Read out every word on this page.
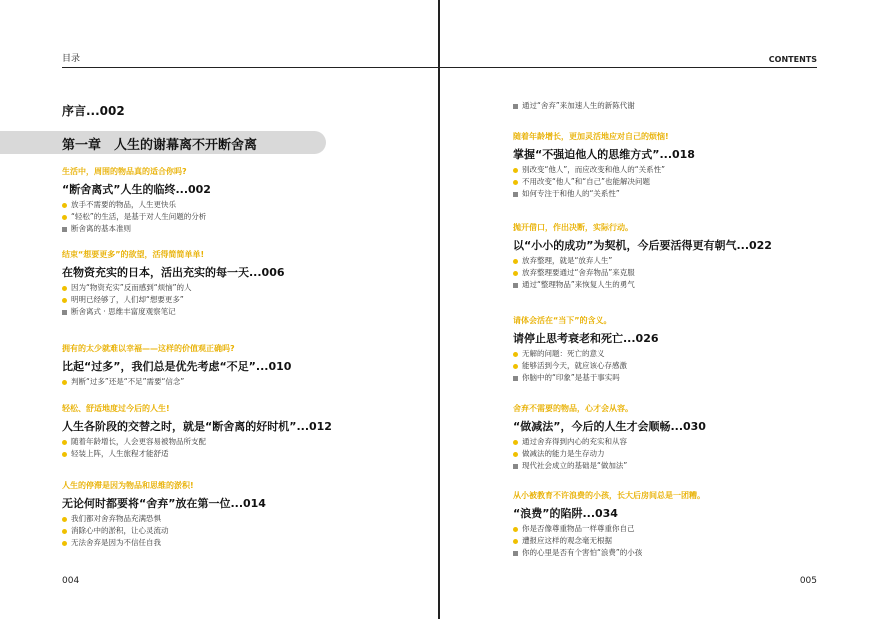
目录
序言...002
第一章　人生的谢幕离不开断舍离
生活中，周围的物品真的适合你吗?
“断舍离式”人生的临终...002
放手不需要的物品，人生更快乐
“轻松”的生活，是基于对人生问题的分析
断舍离的基本准则
结束“想要更多”的欲望，活得简简单单!
在物资充实的日本，活出充实的每一天...006
因为“物资充实”反而感到“烦恼”的人
明明已经够了，人们却“想要更多”
断舍离式 · 思维丰富度观察笔记
拥有的太少就难以幸福——这样的价值观正确吗?
比起“过多”，我们总是优先考虑“不足”...010
判断“过多”还是“不足”需要“信念”
轻松、舒适地度过今后的人生!
人生各阶段的交替之时，就是“断舍离的好时机”...012
随着年龄增长，人会更容易被物品所支配
轻装上阵，人生旅程才能舒适
人生的停滞是因为物品和思维的淤积!
无论何时都要将“舍弃”放在第一位...014
我们都对舍弃物品充满恐惧
消除心中的淤积，让心灵流动
无法舍弃是因为不信任自我
004
CONTENTS
通过“舍弃”来加速人生的新陈代谢
随着年龄增长，更加灵活地应对自己的烦恼!
掌握“不强迫他人的思维方式”...018
别改变“他人”，而应改变和他人的“关系性”
不用改变“他人”和“自己”也能解决问题
如何专注于和他人的“关系性”
抛开借口，作出决断，实际行动。
以“小小的成功”为契机，今后要活得更有朝气...022
放弃整理，就是“放弃人生”
放弃整理要通过“舍弃物品”来克服
通过“整理物品”来恢复人生的勇气
请体会活在“当下”的含义。
请停止思考衰老和死亡...026
无解的问题：死亡的意义
能够活到今天，就应该心存感激
你脑中的“印象”是基于事实吗
舍弃不需要的物品，心才会从容。
“做减法”，今后的人生才会顺畅...030
通过舍弃得到内心的充实和从容
做减法的能力是生存动力
现代社会成立的基础是“做加法”
从小被教育不许浪费的小孩，长大后房间总是一团糟。
“浪费”的陷阱...034
你是否像尊重物品一样尊重你自己
遭报应这样的观念毫无根据
你的心里是否有个害怕“浪费”的小孩
005
